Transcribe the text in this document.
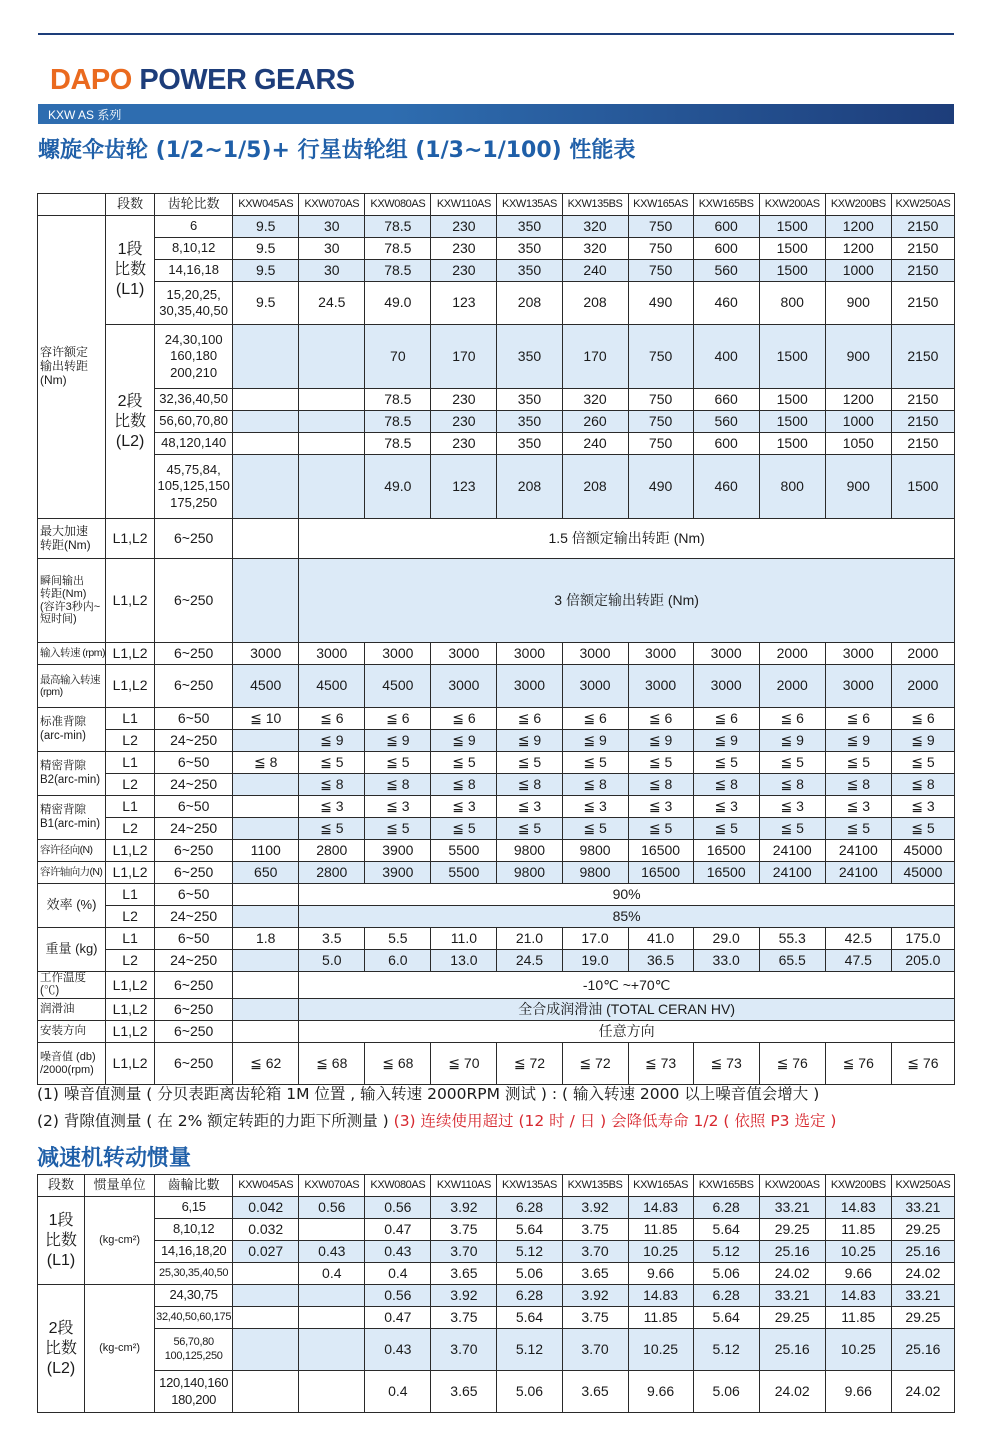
DAPO POWER GEARS
KXW AS 系列
螺旋伞齿轮 (1/2~1/5)+ 行星齿轮组 (1/3~1/100) 性能表
	段数	齿轮比数	KXW045AS	KXW070AS	KXW080AS	KXW110AS	KXW135AS	KXW135BS	KXW165AS	KXW165BS	KXW200AS	KXW200BS	KXW250AS
容许额定
输出转距
(Nm)	1段
比数
(L1)	6	9.5	30	78.5	230	350	320	750	600	1500	1200	2150
		8,10,12	9.5	30	78.5	230	350	320	750	600	1500	1200	2150
		14,16,18	9.5	30	78.5	230	350	240	750	560	1500	1000	2150
		15,20,25,
30,35,40,50	9.5	24.5	49.0	123	208	208	490	460	800	900	2150
	2段
比数
(L2)	24,30,100
160,180
200,210			70	170	350	170	750	400	1500	900	2150
		32,36,40,50			78.5	230	350	320	750	660	1500	1200	2150
		56,60,70,80			78.5	230	350	260	750	560	1500	1000	2150
		48,120,140			78.5	230	350	240	750	600	1500	1050	2150
		45,75,84,
105,125,150
175,250			49.0	123	208	208	490	460	800	900	1500
最大加速
转距(Nm)	L1,L2	6~250		1.5 倍额定输出转距 (Nm)									
瞬间输出
转距(Nm)
(容许3秒内~
短时间)	L1,L2	6~250		3 倍额定输出转距 (Nm)									
输入转速 (rpm)	L1,L2	6~250	3000	3000	3000	3000	3000	3000	3000	3000	2000	3000	2000
最高输入转速
(rpm)	L1,L2	6~250	4500	4500	4500	3000	3000	3000	3000	3000	2000	3000	2000
标准背隙
(arc-min)	L1	6~50	≦ 10	≦ 6	≦ 6	≦ 6	≦ 6	≦ 6	≦ 6	≦ 6	≦ 6	≦ 6	≦ 6
	L2	24~250		≦ 9	≦ 9	≦ 9	≦ 9	≦ 9	≦ 9	≦ 9	≦ 9	≦ 9	≦ 9
精密背隙
B2(arc-min)	L1	6~50	≦ 8	≦ 5	≦ 5	≦ 5	≦ 5	≦ 5	≦ 5	≦ 5	≦ 5	≦ 5	≦ 5
	L2	24~250		≦ 8	≦ 8	≦ 8	≦ 8	≦ 8	≦ 8	≦ 8	≦ 8	≦ 8	≦ 8
精密背隙
B1(arc-min)	L1	6~50		≦ 3	≦ 3	≦ 3	≦ 3	≦ 3	≦ 3	≦ 3	≦ 3	≦ 3	≦ 3
	L2	24~250		≦ 5	≦ 5	≦ 5	≦ 5	≦ 5	≦ 5	≦ 5	≦ 5	≦ 5	≦ 5
容许径向(N)	L1,L2	6~250	1100	2800	3900	5500	9800	9800	16500	16500	24100	24100	45000
容许轴向力(N)	L1,L2	6~250	650	2800	3900	5500	9800	9800	16500	16500	24100	24100	45000
效率 (%)	L1	6~50		90%									
	L2	24~250		85%									
重量 (kg)	L1	6~50	1.8	3.5	5.5	11.0	21.0	17.0	41.0	29.0	55.3	42.5	175.0
	L2	24~250		5.0	6.0	13.0	24.5	19.0	36.5	33.0	65.5	47.5	205.0
工作温度(℃)	L1,L2	6~250		-10℃ ~+70℃									
润滑油	L1,L2	6~250		全合成润滑油 (TOTAL CERAN HV)									
安装方向	L1,L2	6~250		任意方向									
噪音值 (db)
/2000(rpm)	L1,L2	6~250	≦ 62	≦ 68	≦ 68	≦ 70	≦ 72	≦ 72	≦ 73	≦ 73	≦ 76	≦ 76	≦ 76
(1) 噪音值测量 ( 分贝表距离齿轮箱 1M 位置 , 输入转速 2000RPM 测试 ) : ( 输入转速 2000 以上噪音值会增大 )
(2) 背隙值测量 ( 在 2% 额定转距的力距下所测量 ) (3) 连续使用超过 (12 时 / 日 ) 会降低寿命 1/2 ( 依照 P3 选定 )
减速机转动惯量
段数	惯量单位	齒輪比數	KXW045AS	KXW070AS	KXW080AS	KXW110AS	KXW135AS	KXW135BS	KXW165AS	KXW165BS	KXW200AS	KXW200BS	KXW250AS
1段
比数
(L1)	(kg-cm²)	6,15	0.042	0.56	0.56	3.92	6.28	3.92	14.83	6.28	33.21	14.83	33.21
		8,10,12	0.032		0.47	3.75	5.64	3.75	11.85	5.64	29.25	11.85	29.25
		14,16,18,20	0.027	0.43	0.43	3.70	5.12	3.70	10.25	5.12	25.16	10.25	25.16
		25,30,35,40,50		0.4	0.4	3.65	5.06	3.65	9.66	5.06	24.02	9.66	24.02
2段
比数
(L2)	(kg-cm²)	24,30,75			0.56	3.92	6.28	3.92	14.83	6.28	33.21	14.83	33.21
		32,40,50,60,175			0.47	3.75	5.64	3.75	11.85	5.64	29.25	11.85	29.25
		56,70,80
100,125,250			0.43	3.70	5.12	3.70	10.25	5.12	25.16	10.25	25.16
		120,140,160
180,200			0.4	3.65	5.06	3.65	9.66	5.06	24.02	9.66	24.02
